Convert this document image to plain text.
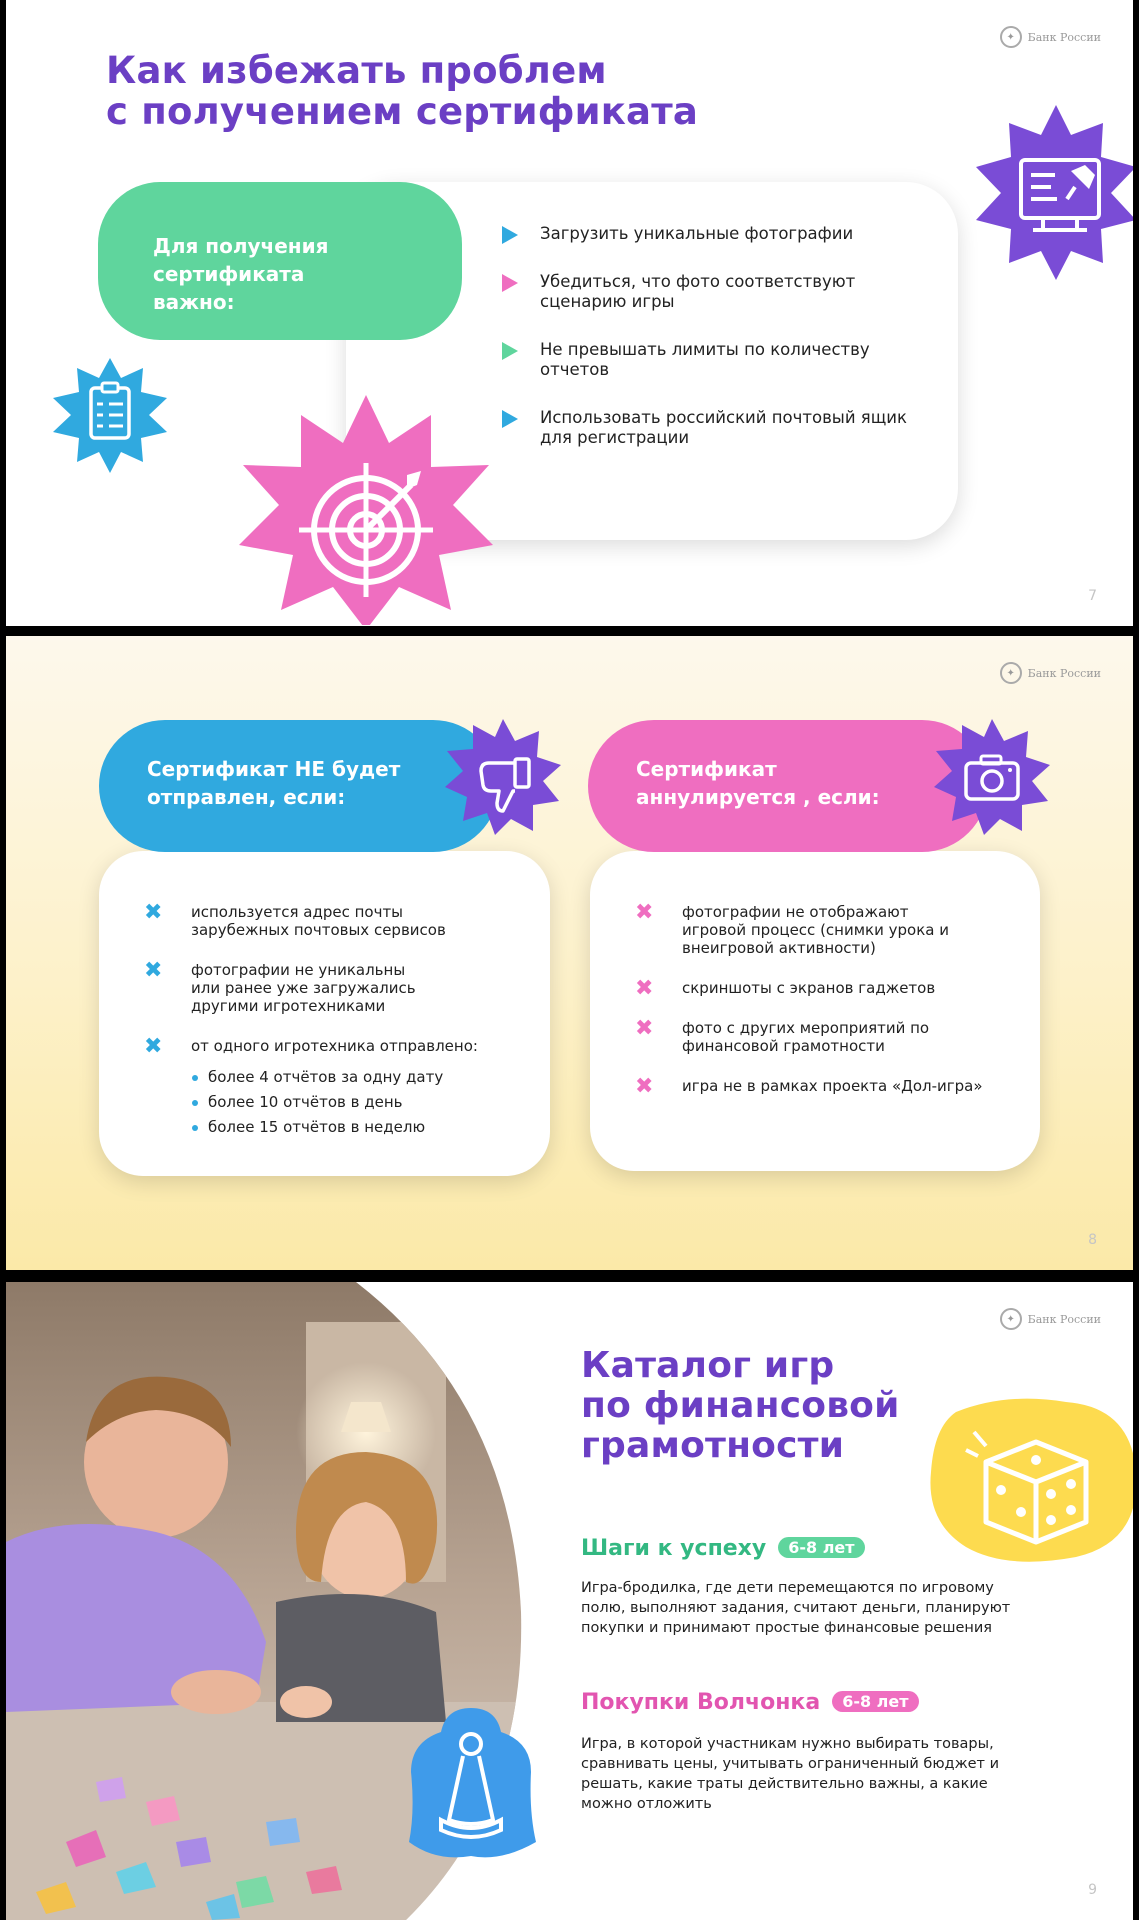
✦	Банк России
Как избежать проблем
с получением сертификата
Для получения сертификата важно:
Загрузить уникальные фотографии
Убедиться, что фото соответствуют сценарию игры
Не превышать лимиты по количеству отчетов
Использовать российский почтовый ящик для регистрации
7
✦	Банк России
✖ используется адрес почты зарубежных почтовых сервисов
✖ фотографии не уникальны или ранее уже загружались другими игротехниками
✖ от одного игротехника отправлено:
более 4 отчётов за одну дату
более 10 отчётов в день
более 15 отчётов в неделю
✖ фотографии не отображают игровой процесс (снимки урока и внеигровой активности)
✖ скриншоты с экранов гаджетов
✖ фото с других мероприятий по финансовой грамотности
✖ игра не в рамках проекта «Дол-игра»
Сертификат НЕ будет отправлен, если:
Сертификат аннулируется , если:
8
✦	Банк России
Каталог игр
по финансовой
грамотности
Шаги к успеху 6-8 лет
Игра-бродилка, где дети перемещаются по игровому полю, выполняют задания, считают деньги, планируют покупки и принимают простые финансовые решения
Покупки Волчонка 6-8 лет
Игра, в которой участникам нужно выбирать товары, сравнивать цены, учитывать ограниченный бюджет и решать, какие траты действительно важны, а какие можно отложить
9
